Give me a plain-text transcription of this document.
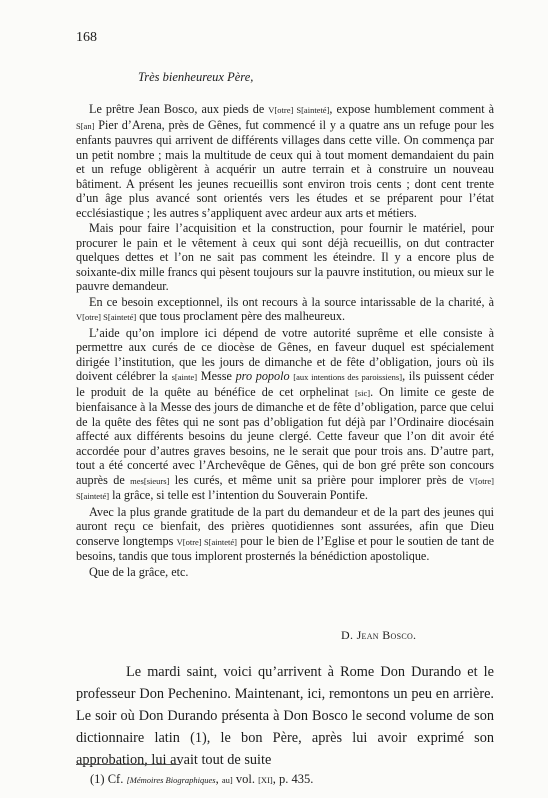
168
Très bienheureux Père,

Le prêtre Jean Bosco, aux pieds de V[otre] S[ainteté], expose humblement comment à S[an] Pier d’Arena, près de Gênes, fut commencé il y a quatre ans un refuge pour les enfants pauvres qui arrivent de différents villages dans cette ville. On commença par un petit nombre ; mais la multitude de ceux qui à tout moment demandaient du pain et un refuge obligèrent à acquérir un autre terrain et à construire un nouveau bâtiment. A présent les jeunes recueillis sont environ trois cents ; dont cent trente d’un âge plus avancé sont orientés vers les études et se préparent pour l’état ecclésiastique ; les autres s’appliquent avec ardeur aux arts et métiers.

Mais pour faire l’acquisition et la construction, pour fournir le matériel, pour procurer le pain et le vêtement à ceux qui sont déjà recueillis, on dut contracter quelques dettes et l’on ne sait pas comment les éteindre. Il y a encore plus de soixante-dix mille francs qui pèsent toujours sur la pauvre institution, ou mieux sur le pauvre demandeur.

En ce besoin exceptionnel, ils ont recours à la source intarissable de la charité, à V[otre] S[ainteté] que tous proclament père des malheureux.

L’aide qu’on implore ici dépend de votre autorité suprême et elle consiste à permettre aux curés de ce diocèse de Gênes, en faveur duquel est spécialement dirigée l’institution, que les jours de dimanche et de fête d’obligation, jours où ils doivent célébrer la s[ainte] Messe pro popolo [aux intentions des paroissiens], ils puissent céder le produit de la quête au bénéfice de cet orphelinat [sic]. On limite ce geste de bienfaisance à la Messe des jours de dimanche et de fête d’obligation, parce que celui de la quête des fêtes qui ne sont pas d’obligation fut déjà par l’Ordinaire diocésain affecté aux différents besoins du jeune clergé. Cette faveur que l’on dit avoir été accordée pour d’autres graves besoins, ne le serait que pour trois ans. D’autre part, tout a été concerté avec l’Archevêque de Gênes, qui de bon gré prête son concours auprès de mes[sieurs] les curés, et même unit sa prière pour implorer près de V[otre] S[ainteté] la grâce, si telle est l’intention du Souverain Pontife.

Avec la plus grande gratitude de la part du demandeur et de la part des jeunes qui auront reçu ce bienfait, des prières quotidiennes sont assurées, afin que Dieu conserve longtemps V[otre] S[ainteté] pour le bien de l’Eglise et pour le soutien de tant de besoins, tandis que tous implorent prosternés la bénédiction apostolique.

Que de la grâce, etc.

D. Jean Bosco.

Le mardi saint, voici qu’arrivent à Rome Don Durando et le professeur Don Pechenino. Maintenant, ici, remontons un peu en arrière. Le soir où Don Durando présenta à Don Bosco le second volume de son dictionnaire latin (1), le bon Père, après lui avoir exprimé son approbation, lui avait tout de suite

(1) Cf. [Mémoires Biographiques, au] vol. [XI], p. 435.
